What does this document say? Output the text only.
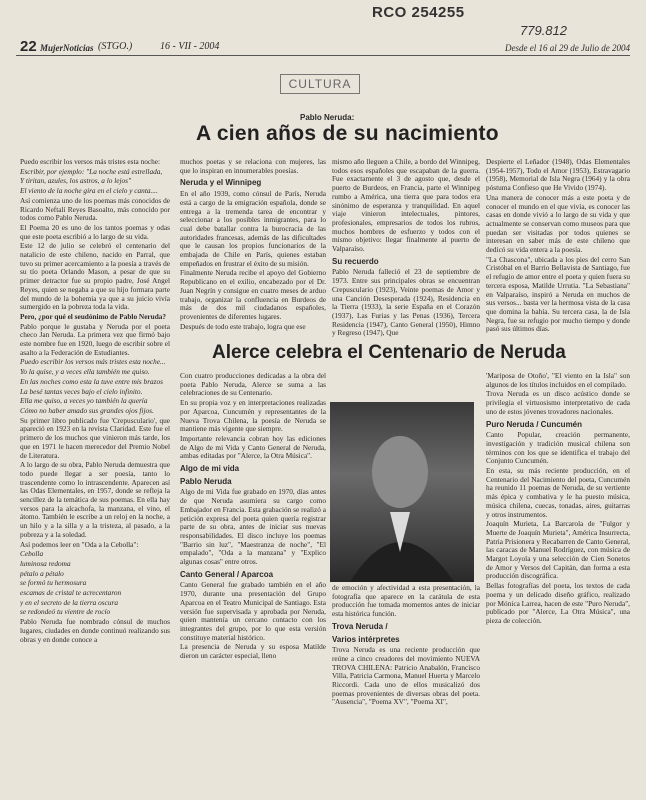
RCO 254255
779.812
22 MujerNoticias (STGO.)	16 - VII - 2004	Desde el 16 al 29 de Julio de 2004
CULTURA
Pablo Neruda:
A cien años de su nacimiento

Puedo escribir los versos más tristes esta noche:

Escribir, por ejemplo: "La noche está estrellada,

Y tiritan, azules, los astros, a lo lejos"

El viento de la noche gira en el cielo y canta....

Así comienza uno de los poemas más conocidos de Ricardo Neftalí Reyes Basoalto, más conocido por todos como Pablo Neruda.

El Poema 20 es uno de los tantos poemas y odas que este poeta escribió a lo largo de su vida.

Este 12 de julio se celebró el centenario del natalicio de este chileno, nacido en Parral, que tuvo su primer acercamiento a la poesía a través de su tío poeta Orlando Mason, a pesar de que su primer detractor fue su propio padre, José Angel Reyes, quien se negaba a que su hijo formara parte del mundo de la bohemia ya que a su juicio vivía sumergido en la pobreza toda la vida.

Pero, ¿por qué el seudónimo de Pablo Neruda?

Pablo porque le gustaba y Neruda por el poeta checo Jan Neruda. La primera vez que firmó bajo este nombre fue en 1920, luego de escribir sobre el asalto a la Federación de Estudiantes.

Puedo escribir los versos más tristes esta noche...

Yo la quise, y a veces ella también me quiso.

En las noches como esta la tuve entre mis brazos

La besé tantas veces bajo el cielo infinito.

Ella me quiso, a veces yo también la quería

Cómo no haber amado sus grandes ojos fijos.

Su primer libro publicado fue 'Crepusculario', que apareció en 1923 en la revista Claridad. Este fue el primero de los muchos que vinieron más tarde, los que en 1971 le hacen merecedor del Premio Nobel de Literatura.

A lo largo de su obra, Pablo Neruda demuestra que todo puede llegar a ser poesía, tanto lo trascendente como lo intrascendente. Aparecen así las Odas Elementales, en 1957, donde se refleja la sencillez de la temática de sus poemas. En ella hay versos para la alcachofa, la manzana, el vino, el átomo. También le escribe a un reloj en la noche, a un hilo y a la silla y a la tristeza, al pasado, a la pobreza y a la soledad.

Así podemos leer en "Oda a la Cebolla":

Cebolla

luminosa redoma

pétalo a pétalo

se formó tu hermosura

escamas de cristal te acrecentaron

y en el secreto de la tierra oscura

se redondeó tu vientre de rocío

Pablo Neruda fue nombrado cónsul de muchos lugares, ciudades en donde continuó realizando sus obras y en donde conoce a

muchos poetas y se relaciona con mujeres, las que lo inspiran en innumerables poesías.

Neruda y el Winnipeg

En el año 1939, como cónsul de París, Neruda está a cargo de la emigración española, donde se entrega a la tremenda tarea de encontrar y seleccionar a los posibles inmigrantes, para lo cual debe batallar contra la burocracia de las autoridades francesas, además de las dificultades que le causan los propios funcionarios de la embajada de Chile en París, quienes estaban empeñados en frustrar el éxito de su misión.

Finalmente Neruda recibe el apoyo del Gobierno Republicano en el exilio, encabezado por el Dr. Juan Negrín y consigue en cuatro meses de arduo trabajo, organizar la confluencia en Burdeos de más de dos mil ciudadanos españoles, provenientes de diferentes lugares.

Después de todo este trabajo, logra que ese

mismo año lleguen a Chile, a bordo del Winnipeg, todos esos españoles que escapaban de la guerra. Fue exactamente el 3 de agosto que, desde el puerto de Burdeos, en Francia, parte el Winnipeg rumbo a América, una tierra que para todos era sinónimo de esperanza y tranquilidad. En aquel viaje vinieron intelectuales, pintores, profesionales, empresarios de todos los rubros, muchos hombres de esfuerzo y todos con el mismo objetivo: llegar finalmente al puerto de Valparaíso.

Su recuerdo

Pablo Neruda falleció el 23 de septiembre de 1973. Entre sus principales obras se encuentran Crepusculario (1923), Veinte poemas de Amor y una Canción Desesperada (1924), Residencia en la Tierra (1933), la serie España en el Corazón (1937), Las Furias y las Penas (1936), Tercera Residencia (1947), Canto General (1950), Himno y Regreso (1947), Que

Despierte el Leñador (1948), Odas Elementales (1954-1957), Todo el Amor (1953), Estravagario (1958), Memorial de Isla Negra (1964) y la obra póstuma Confieso que He Vivido (1974).

Una manera de conocer más a este poeta y de conocer el mundo en el que vivía, es conocer las casas en donde vivió a lo largo de su vida y que actualmente se conservan como museos para que puedan ser visitadas por todos quienes se interesan en saber más de este chileno que dedicó su vida entera a la poesía.

"La Chascona", ubicada a los pies del cerro San Cristóbal en el Barrio Bellavista de Santiago, fue el refugio de amor entre el poeta y quien fuera su tercera esposa, Matilde Urrutia. "La Sebastiana" en Valparaíso, inspiró a Neruda en muchos de sus versos... basta ver la hermosa vista de la casa que domina la bahía. Su tercera casa, la de Isla Negra, fue su refugio por mucho tiempo y donde pasó sus últimos días.

Alerce celebra el Centenario de Neruda

Con cuatro producciones dedicadas a la obra del poeta Pablo Neruda, Alerce se suma a las celebraciones de su Centenario.

En su propia voz y en interpretaciones realizadas por Aparcoa, Cuncumén y representantes de la Nueva Trova Chilena, la poesía de Neruda se mantiene más vigente que siempre.

Importante relevancia cobran hoy las ediciones de Algo de mi Vida y Canto General de Neruda, ambas editadas por "Alerce, la Otra Música".

Algo de mi vida
Pablo Neruda

Algo de mi Vida fue grabado en 1970, días antes de que Neruda asumiera su cargo como Embajador en Francia. Esta grabación se realizó a petición expresa del poeta quien quería registrar parte de su obra, antes de iniciar sus nuevas responsabilidades. El disco incluye los poemas "Barrio sin luz", "Maestranza de noche", "El empalado", "Oda a la manzana" y "Explico algunas cosas" entre otros.

Canto General / Aparcoa

Canto General fue grabado también en el año 1970, durante una presentación del Grupo Aparcoa en el Teatro Municipal de Santiago. Esta versión fue supervisada y aprobada por Neruda, quien mantenía un cercano contacto con los integrantes del grupo, por lo que esta versión constituye material histórico.

La presencia de Neruda y su esposa Matilde dieron un carácter especial, lleno

de emoción y afectividad a esta presentación, la fotografía que aparece en la carátula de esta producción fue tomada momentos antes de iniciar esta histórica función.

Trova Neruda /
Varios intérpretes

Trova Neruda es una reciente producción que reúne a cinco creadores del movimiento NUEVA TROVA CHILENA: Patricio Anabalón, Francisco Villa, Patricia Carmona, Manuel Huerta y Marcelo Riccordi. Cada uno de ellos musicalizó dos poemas provenientes de diversas obras del poeta. "Ausencia", "Poema XV", "Poema XI",

'Mariposa de Otoño', "El viento en la Isla" son algunos de los títulos incluidos en el compilado.

Trova Neruda es un disco acústico donde se privilegia el virtuosismo interpretativo de cada uno de estos jóvenes trovadores nacionales.

Puro Neruda / Cuncumén

Canto Popular, creación permanente, investigación y tradición musical chilena son términos con los que se identifica el trabajo del Conjunto Cuncumén.

En esta, su más reciente producción, en el Centenario del Nacimiento del poeta, Cuncumén ha reunido 11 poemas de Neruda, de su vertiente más épica y combativa y le ha puesto música, música chilena, cuecas, tonadas, aires, guitarras y otros instrumentos.

Joaquín Murieta, La Barcarola de "Fulgor y Muerte de Joaquín Murieta", América Insurrecta, Patria Prisionera y Recabarren de Canto General, las caracas de Manuel Rodríguez, con música de Margot Loyola y una selección de Cien Sonetos de Amor y Versos del Capitán, dan forma a esta producción discográfica.

Bellas fotografías del poeta, los textos de cada poema y un delicado diseño gráfico, realizado por Mónica Larrea, hacen de este "Puro Neruda", publicado por "Alerce, La Otra Música", una pieza de colección.
